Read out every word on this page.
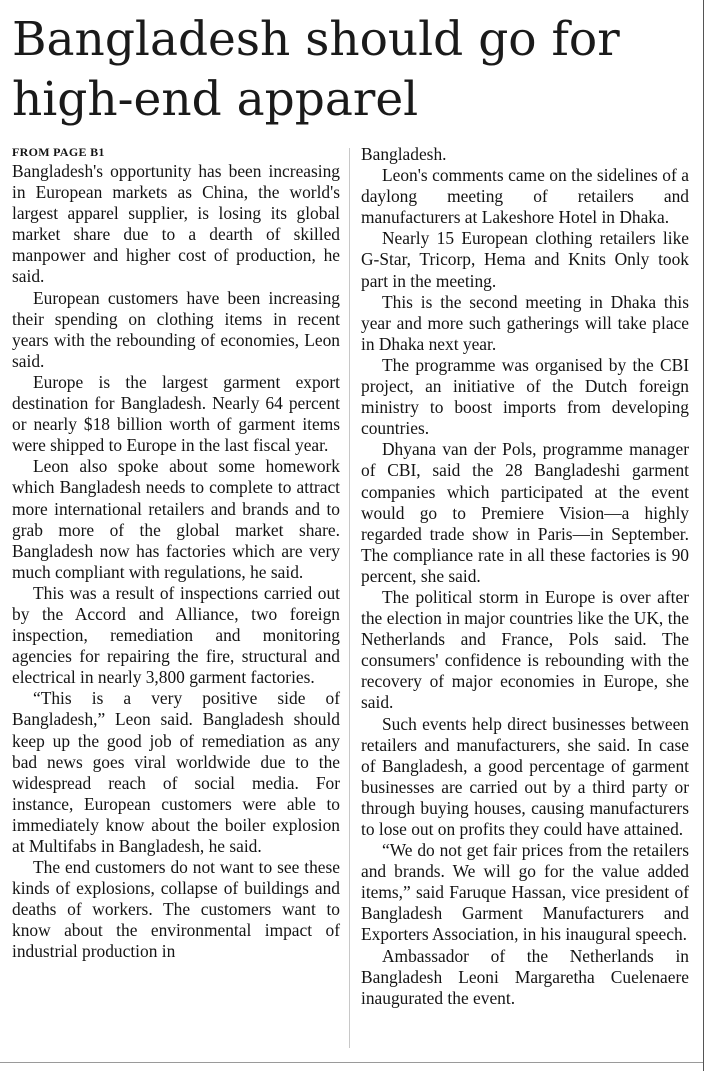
Bangladesh should go for high-end apparel
FROM PAGE B1

Bangladesh's opportunity has been increasing in European markets as China, the world's largest apparel supplier, is losing its global market share due to a dearth of skilled manpower and higher cost of production, he said.

European customers have been increasing their spending on clothing items in recent years with the rebounding of economies, Leon said.

Europe is the largest garment export destination for Bangladesh. Nearly 64 percent or nearly $18 billion worth of garment items were shipped to Europe in the last fiscal year.

Leon also spoke about some homework which Bangladesh needs to complete to attract more international retailers and brands and to grab more of the global market share. Bangladesh now has factories which are very much compliant with regulations, he said.

This was a result of inspections carried out by the Accord and Alliance, two foreign inspection, remediation and monitoring agencies for repairing the fire, structural and electrical in nearly 3,800 garment factories.

“This is a very positive side of Bangladesh,” Leon said. Bangladesh should keep up the good job of remediation as any bad news goes viral worldwide due to the widespread reach of social media. For instance, European customers were able to immediately know about the boiler explosion at Multifabs in Bangladesh, he said.

The end customers do not want to see these kinds of explosions, collapse of buildings and deaths of workers. The customers want to know about the environmental impact of industrial production in

Bangladesh.

Leon's comments came on the sidelines of a daylong meeting of retailers and manufacturers at Lakeshore Hotel in Dhaka.

Nearly 15 European clothing retailers like G-Star, Tricorp, Hema and Knits Only took part in the meeting.

This is the second meeting in Dhaka this year and more such gatherings will take place in Dhaka next year.

The programme was organised by the CBI project, an initiative of the Dutch foreign ministry to boost imports from developing countries.

Dhyana van der Pols, programme manager of CBI, said the 28 Bangladeshi garment companies which participated at the event would go to Premiere Vision—a highly regarded trade show in Paris—in September. The compliance rate in all these factories is 90 percent, she said.

The political storm in Europe is over after the election in major countries like the UK, the Netherlands and France, Pols said. The consumers' confidence is rebounding with the recovery of major economies in Europe, she said.

Such events help direct businesses between retailers and manufacturers, she said. In case of Bangladesh, a good percentage of garment businesses are carried out by a third party or through buying houses, causing manufacturers to lose out on profits they could have attained.

“We do not get fair prices from the retailers and brands. We will go for the value added items,” said Faruque Hassan, vice president of Bangladesh Garment Manufacturers and Exporters Association, in his inaugural speech.

Ambassador of the Netherlands in Bangladesh Leoni Margaretha Cuelenaere inaugurated the event.
